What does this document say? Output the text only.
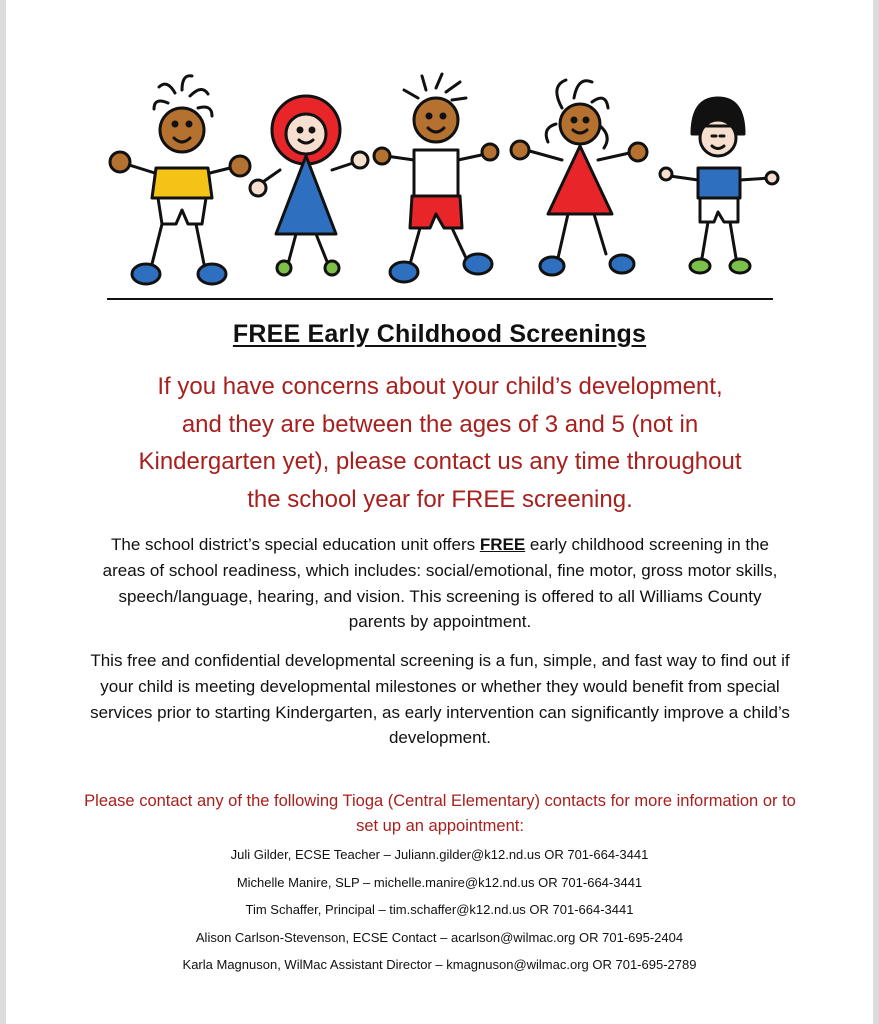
FREE Early Childhood Screenings
If you have concerns about your child’s development,
and they are between the ages of 3 and 5 (not in
Kindergarten yet), please contact us any time throughout
the school year for FREE screening.
The school district’s special education unit offers FREE early childhood screening in the areas of school readiness, which includes: social/emotional, fine motor, gross motor skills, speech/language, hearing, and vision. This screening is offered to all Williams County parents by appointment.
This free and confidential developmental screening is a fun, simple, and fast way to find out if your child is meeting developmental milestones or whether they would benefit from special services prior to starting Kindergarten, as early intervention can significantly improve a child’s development.
Please contact any of the following Tioga (Central Elementary) contacts for more information or to set up an appointment:
Juli Gilder, ECSE Teacher – Juliann.gilder@k12.nd.us OR 701-664-3441
Michelle Manire, SLP – michelle.manire@k12.nd.us OR 701-664-3441
Tim Schaffer, Principal – tim.schaffer@k12.nd.us OR 701-664-3441
Alison Carlson-Stevenson, ECSE Contact – acarlson@wilmac.org OR 701-695-2404
Karla Magnuson, WilMac Assistant Director – kmagnuson@wilmac.org OR 701-695-2789
